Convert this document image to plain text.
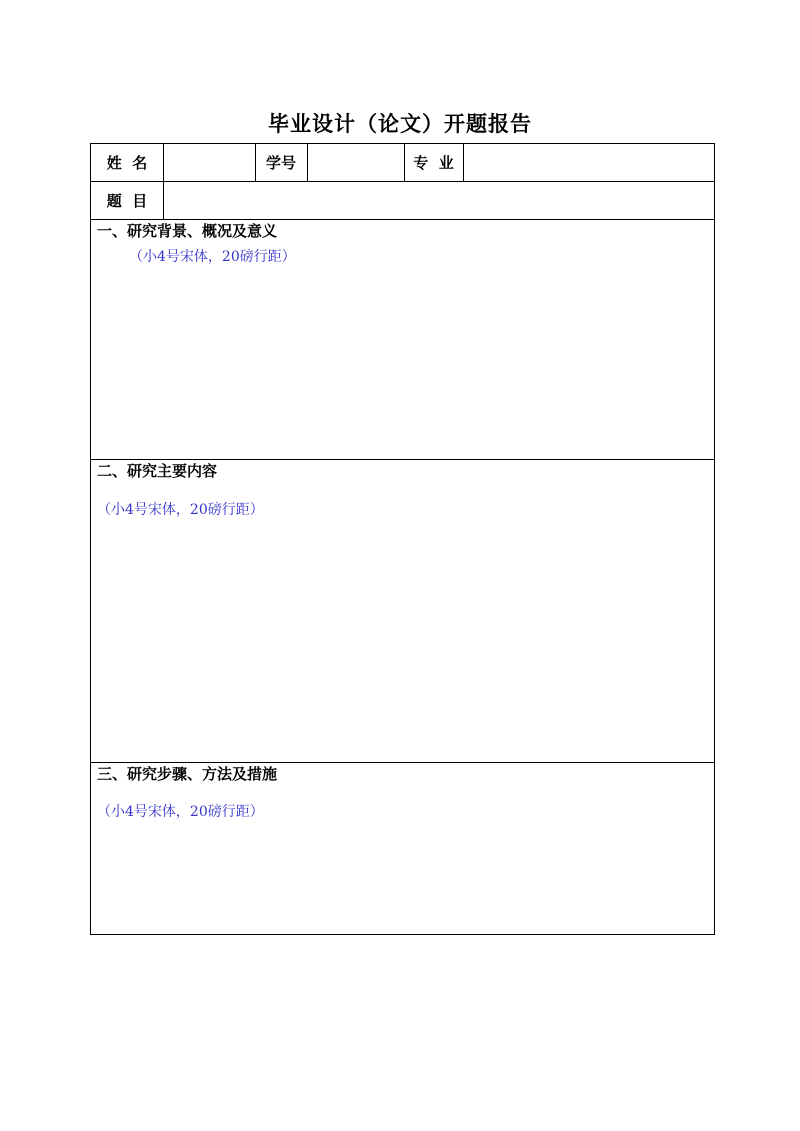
毕业设计（论文）开题报告
姓  名	学号	专  业
题  目
一、研究背景、概况及意义
（小4号宋体，20磅行距）
二、研究主要内容
（小4号宋体，20磅行距）
三、研究步骤、方法及措施
（小4号宋体，20磅行距）
